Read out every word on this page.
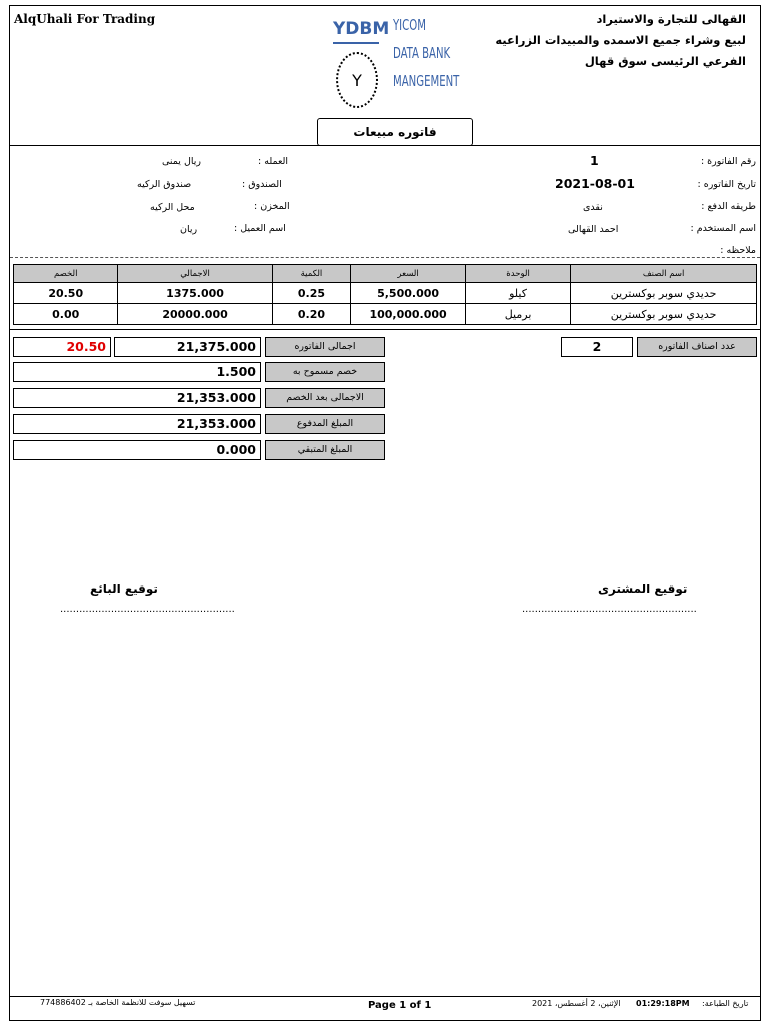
AlqUhali For Trading	YDBM
Y
YICOM
DATA BANK
MANGEMENT
القهالى للتجارة والاستيراد
لبيع وشراء جميع الاسمده والمبيدات الزراعيه
الفرعي الرئيسى سوق قهال
فاتوره مبيعات
رقم الفاتورة :
1
تاريخ الفاتوره :
2021-08-01
طريقه الدفع :
نقدى
اسم المستخدم :
احمد القهالى
ملاحظه :
العمله :
ريال يمنى
الصندوق :
صندوق الركيه
المخزن :
محل الركيه
اسم العميل :
ريان
اسم الصنف	الوحدة	السعر	الكمية	الاجمالي	الخصم
حديدي سوبر بوكسترين	كيلو	5,500.000	0.25	1375.000	20.50
حديدي سوبر بوكسترين	برميل	100,000.000	0.20	20000.000	0.00
20.50	21,375.000	اجمالى الفاتوره
1.500	خصم مسموح به
21,353.000	الاجمالى بعد الخصم
21,353.000	المبلغ المدفوع
0.000	المبلغ المتبقي
2	عدد اصناف الفاتوره
توقيع البائع
.......................................................
توقيع المشترى
.......................................................
تسهيل سوفت للانظمة الخاصة بـ 774886402	Page 1 of 1	الإثنين، 2 أغسطس، 2021 01:29:18PM تاريخ الطباعة:
